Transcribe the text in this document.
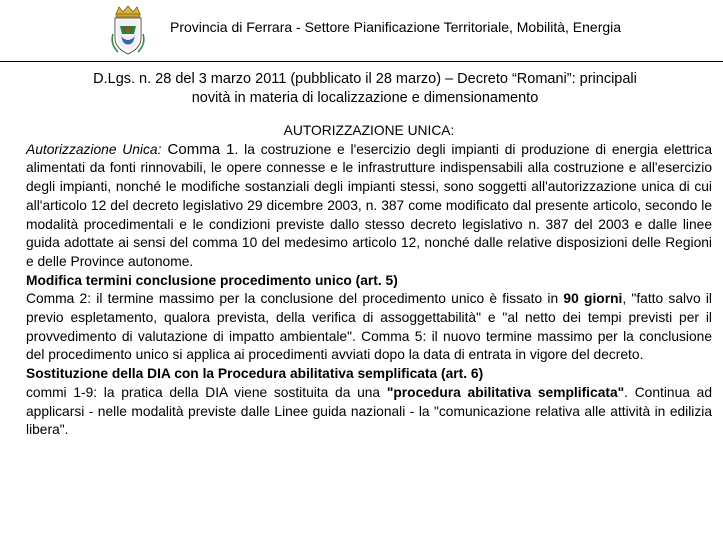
Provincia di Ferrara - Settore Pianificazione Territoriale, Mobilità, Energia
D.Lgs. n. 28 del 3 marzo 2011 (pubblicato il 28 marzo) – Decreto “Romani”: principali
novità in materia di localizzazione e dimensionamento

AUTORIZZAZIONE UNICA:

Autorizzazione Unica: Comma 1. la costruzione e l'esercizio degli impianti di produzione di energia elettrica alimentati da fonti rinnovabili, le opere connesse e le infrastrutture indispensabili alla costruzione e all'esercizio degli impianti, nonché le modifiche sostanziali degli impianti stessi, sono soggetti all'autorizzazione unica di cui all'articolo 12 del decreto legislativo 29 dicembre 2003, n. 387 come modificato dal presente articolo, secondo le modalità procedimentali e le condizioni previste dallo stesso decreto legislativo n. 387 del 2003 e dalle linee guida adottate ai sensi del comma 10 del medesimo articolo 12, nonché dalle relative disposizioni delle Regioni e delle Province autonome.

Modifica termini conclusione procedimento unico (art. 5)

Comma 2: il termine massimo per la conclusione del procedimento unico è fissato in 90 giorni, "fatto salvo il previo espletamento, qualora prevista, della verifica di assoggettabilità" e "al netto dei tempi previsti per il provvedimento di valutazione di impatto ambientale". Comma 5: il nuovo termine massimo per la conclusione del procedimento unico si applica ai procedimenti avviati dopo la data di entrata in vigore del decreto.

Sostituzione della DIA con la Procedura abilitativa semplificata (art. 6)

commi 1-9: la pratica della DIA viene sostituita da una "procedura abilitativa semplificata". Continua ad applicarsi - nelle modalità previste dalle Linee guida nazionali - la "comunicazione relativa alle attività in edilizia libera".
